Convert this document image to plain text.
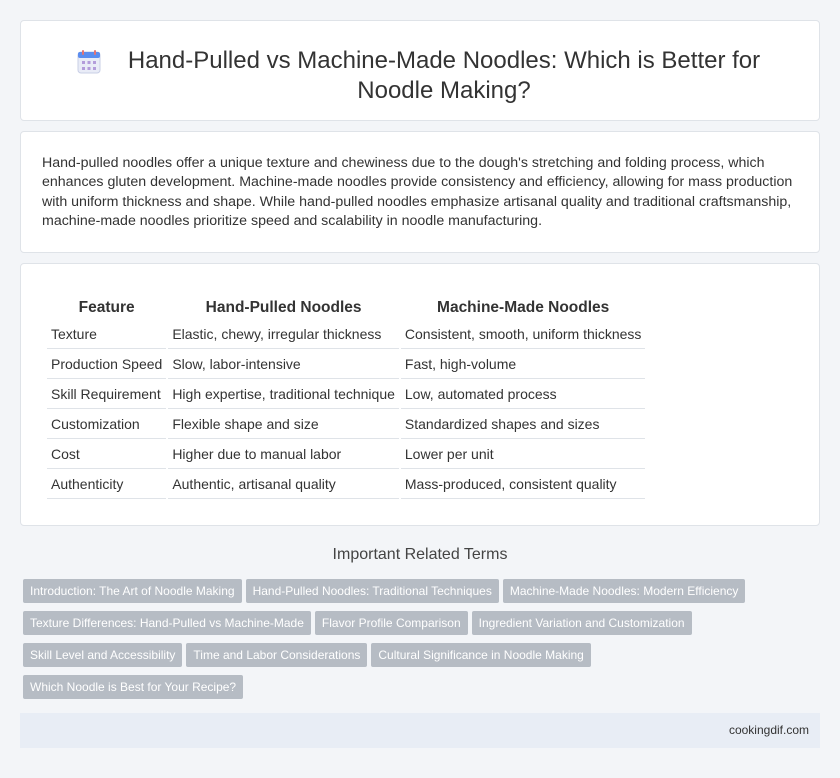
Hand-Pulled vs Machine-Made Noodles: Which is Better for Noodle Making?

Hand-pulled noodles offer a unique texture and chewiness due to the dough's stretching and folding process, which enhances gluten development. Machine-made noodles provide consistency and efficiency, allowing for mass production with uniform thickness and shape. While hand-pulled noodles emphasize artisanal quality and traditional craftsmanship, machine-made noodles prioritize speed and scalability in noodle manufacturing.

Feature	Hand-Pulled Noodles	Machine-Made Noodles
Texture	Elastic, chewy, irregular thickness	Consistent, smooth, uniform thickness
Production Speed	Slow, labor-intensive	Fast, high-volume
Skill Requirement	High expertise, traditional technique	Low, automated process
Customization	Flexible shape and size	Standardized shapes and sizes
Cost	Higher due to manual labor	Lower per unit
Authenticity	Authentic, artisanal quality	Mass-produced, consistent quality
Important Related Terms
Introduction: The Art of Noodle Making Hand-Pulled Noodles: Traditional Techniques Machine-Made Noodles: Modern Efficiency
Texture Differences: Hand-Pulled vs Machine-Made Flavor Profile Comparison Ingredient Variation and Customization
Skill Level and Accessibility Time and Labor Considerations Cultural Significance in Noodle Making
Which Noodle is Best for Your Recipe?
cookingdif.com
